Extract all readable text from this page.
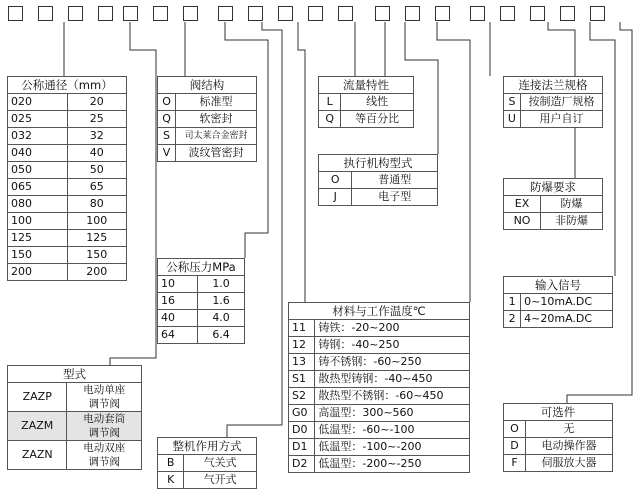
公称通径（mm）	
020	20
025	25
032	32
040	40
050	50
065	65
080	80
100	100
125	125
150	150
200	200
阀结构	
O	标准型
Q	软密封
S	司太莱合金密封
V	波纹管密封
公称压力MPa	
10	1.0
16	1.6
40	4.0
64	6.4
流量特性	
L	线性
Q	等百分比
执行机构型式	
O	普通型
J	电子型
材料与工作温度℃	
11	铸铁：-20~200
12	铸钢：-40~250
13	铸不锈钢：-60~250
S1	散热型铸钢：-40~450
S2	散热型不锈钢：-60~450
G0	高温型：300~560
D0	低温型：-60~-100
D1	低温型：-100~-200
D2	低温型：-200~-250
连接法兰规格	
S	按制造厂规格
U	用户自订
防爆要求	
EX	防爆
NO	非防爆
输入信号	
1	0~10mA.DC
2	4~20mA.DC
可选件	
O	无
D	电动操作器
F	伺服放大器
型式	
ZAZP	电动单座
调节阀
ZAZM	电动套筒
调节阀
ZAZN	电动双座
调节阀
整机作用方式	
B	气关式
K	气开式
